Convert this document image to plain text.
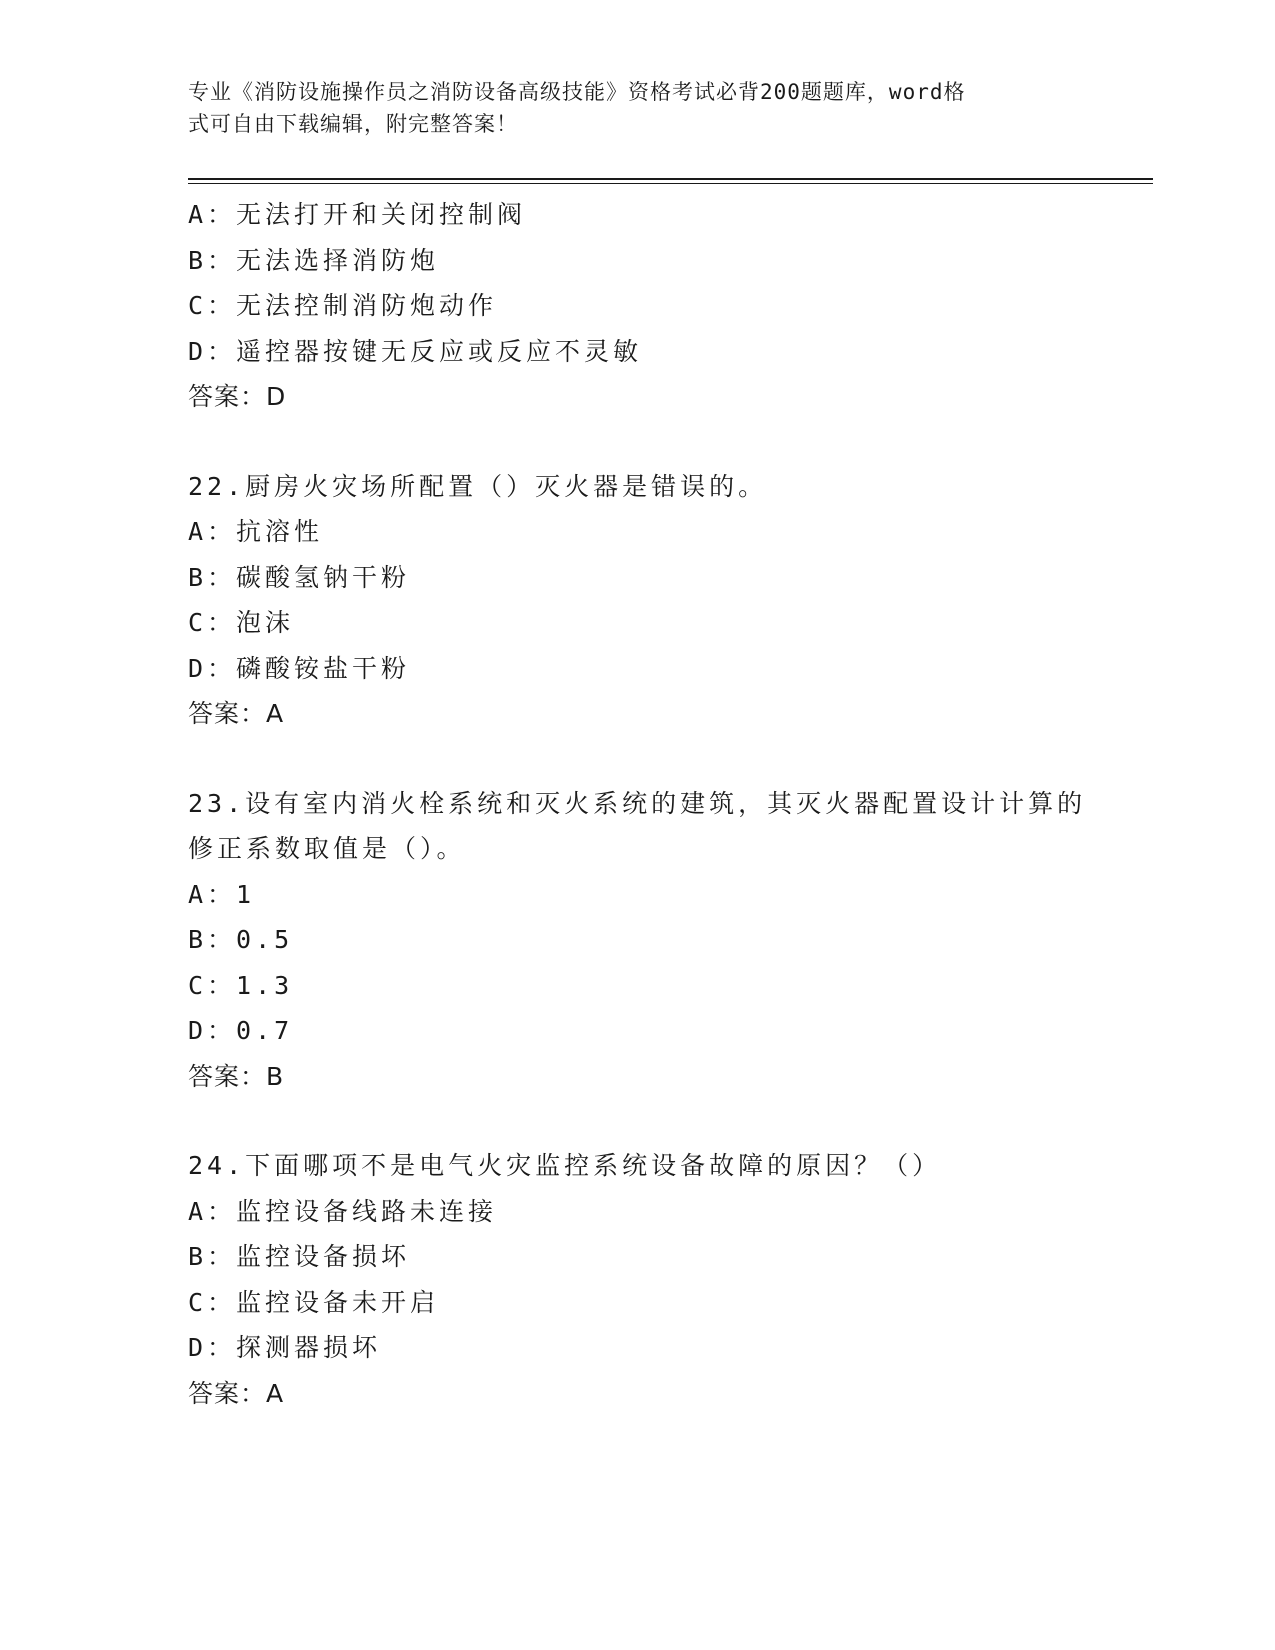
专业《消防设施操作员之消防设备高级技能》资格考试必背200题题库，word格
式可自由下载编辑，附完整答案！
A：无法打开和关闭控制阀
B：无法选择消防炮
C：无法控制消防炮动作
D：遥控器按键无反应或反应不灵敏
答案：D
22.厨房火灾场所配置（）灭火器是错误的。
A：抗溶性
B：碳酸氢钠干粉
C：泡沫
D：磷酸铵盐干粉
答案：A
23.设有室内消火栓系统和灭火系统的建筑，其灭火器配置设计计算的
修正系数取值是（）。
A：1
B：0.5
C：1.3
D：0.7
答案：B
24.下面哪项不是电气火灾监控系统设备故障的原因？（）
A：监控设备线路未连接
B：监控设备损坏
C：监控设备未开启
D：探测器损坏
答案：A
